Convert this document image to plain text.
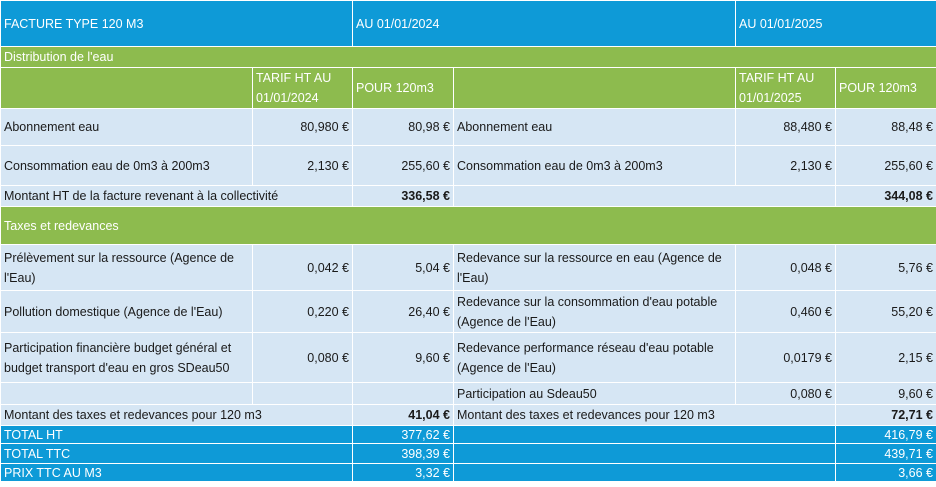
FACTURE TYPE 120 M3		AU 01/01/2024		AU 01/01/2025	
Distribution de l'eau					
	TARIF HT AU 01/01/2024	POUR 120m3		TARIF HT AU 01/01/2025	POUR 120m3
Abonnement eau	80,980 €	80,98 €	Abonnement eau	88,480 €	88,48 €
Consommation eau de 0m3 à 200m3	2,130 €	255,60 €	Consommation eau de 0m3 à 200m3	2,130 €	255,60 €
Montant HT de la facture revenant à la collectivité		336,58 €			344,08 €
Taxes et redevances					
Prélèvement sur la ressource (Agence de l'Eau)	0,042 €	5,04 €	Redevance sur la ressource en eau (Agence de l'Eau)	0,048 €	5,76 €
Pollution domestique (Agence de l'Eau)	0,220 €	26,40 €	Redevance sur la consommation d'eau potable (Agence de l'Eau)	0,460 €	55,20 €
Participation financière budget général et budget transport d'eau en gros SDeau50	0,080 €	9,60 €	Redevance performance réseau d'eau potable (Agence de l'Eau)	0,0179 €	2,15 €
			Participation au Sdeau50	0,080 €	9,60 €
Montant des taxes et redevances pour 120 m3		41,04 €	Montant des taxes et redevances pour 120 m3		72,71 €
TOTAL HT		377,62 €			416,79 €
TOTAL TTC		398,39 €			439,71 €
PRIX TTC AU M3		3,32 €			3,66 €
